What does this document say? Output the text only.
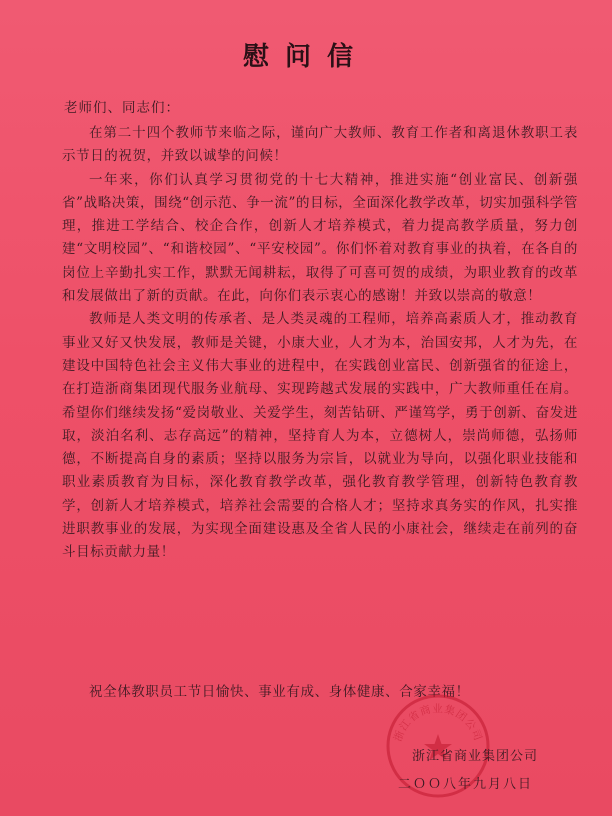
慰问信
老师们、同志们：

在第二十四个教师节来临之际，谨向广大教师、教育工作者和离退休教职工表示节日的祝贺，并致以诚挚的问候！

一年来，你们认真学习贯彻党的十七大精神，推进实施“创业富民、创新强省”战略决策，围绕“创示范、争一流”的目标，全面深化教学改革，切实加强科学管理，推进工学结合、校企合作，创新人才培养模式，着力提高教学质量，努力创建“文明校园”、“和谐校园”、“平安校园”。你们怀着对教育事业的执着，在各自的岗位上辛勤扎实工作，默默无闻耕耘，取得了可喜可贺的成绩，为职业教育的改革和发展做出了新的贡献。在此，向你们表示衷心的感谢！并致以崇高的敬意！

教师是人类文明的传承者、是人类灵魂的工程师，培养高素质人才，推动教育事业又好又快发展，教师是关键，小康大业，人才为本，治国安邦，人才为先，在建设中国特色社会主义伟大事业的进程中，在实践创业富民、创新强省的征途上，在打造浙商集团现代服务业航母、实现跨越式发展的实践中，广大教师重任在肩。希望你们继续发扬“爱岗敬业、关爱学生，刻苦钻研、严谨笃学，勇于创新、奋发进取，淡泊名利、志存高远”的精神，坚持育人为本，立德树人，崇尚师德，弘扬师德，不断提高自身的素质；坚持以服务为宗旨，以就业为导向，以强化职业技能和职业素质教育为目标，深化教育教学改革，强化教育教学管理，创新特色教育教学，创新人才培养模式，培养社会需要的合格人才；坚持求真务实的作风，扎实推进职教事业的发展，为实现全面建设惠及全省人民的小康社会，继续走在前列的奋斗目标贡献力量！

祝全体教职员工节日愉快、事业有成、身体健康、合家幸福！
浙江省商业集团公司
浙江省商业集团公司
二ＯＯ八年九月八日
